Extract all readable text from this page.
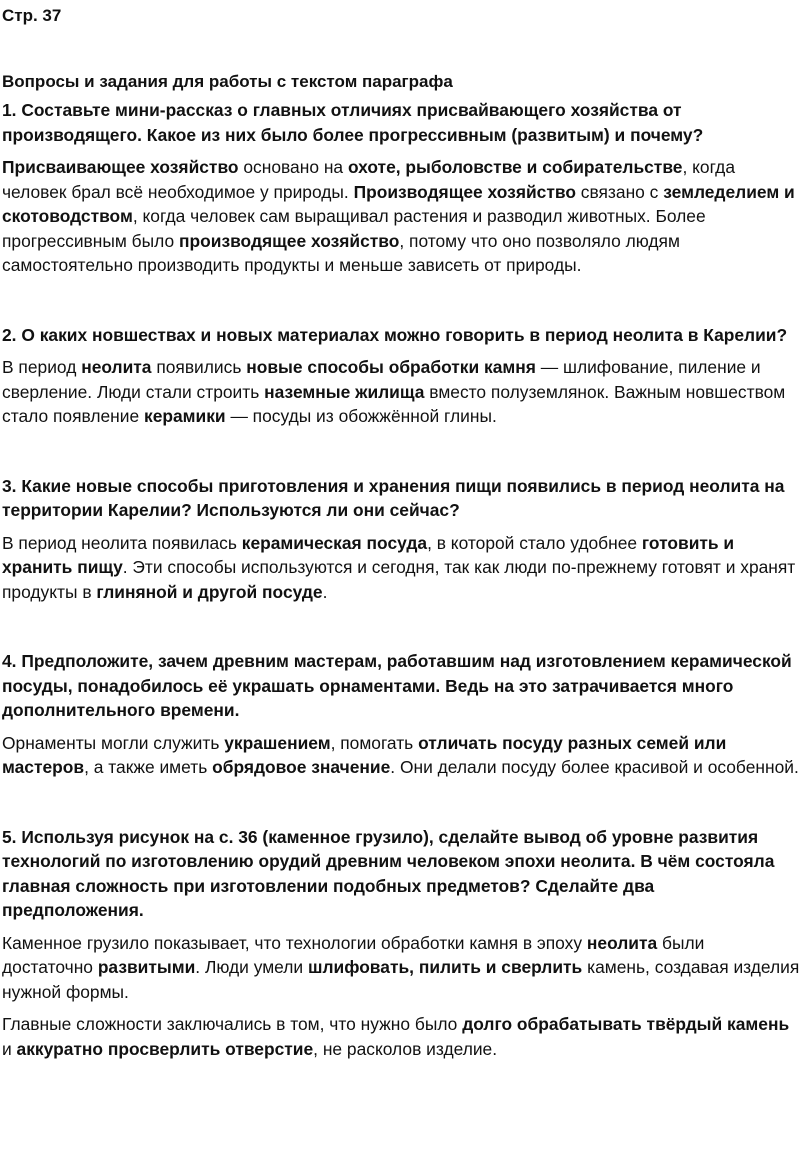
Стр. 37

Вопросы и задания для работы с текстом параграфа

1. Составьте мини-рассказ о главных отличиях присвайвающего хозяйства от производящего. Какое из них было более прогрессивным (развитым) и почему?

Присваивающее хозяйство основано на охоте, рыболовстве и собирательстве, когда человек брал всё необходимое у природы. Производящее хозяйство связано с земледелием и скотоводством, когда человек сам выращивал растения и разводил животных. Более прогрессивным было производящее хозяйство, потому что оно позволяло людям самостоятельно производить продукты и меньше зависеть от природы.

2. О каких новшествах и новых материалах можно говорить в период неолита в Карелии?

В период неолита появились новые способы обработки камня — шлифование, пиление и сверление. Люди стали строить наземные жилища вместо полуземлянок. Важным новшеством стало появление керамики — посуды из обожжённой глины.

3. Какие новые способы приготовления и хранения пищи появились в период неолита на территории Карелии? Используются ли они сейчас?

В период неолита появилась керамическая посуда, в которой стало удобнее готовить и хранить пищу. Эти способы используются и сегодня, так как люди по-прежнему готовят и хранят продукты в глиняной и другой посуде.

4. Предположите, зачем древним мастерам, работавшим над изготовлением керамической посуды, понадобилось её украшать орнаментами. Ведь на это затрачивается много дополнительного времени.

Орнаменты могли служить украшением, помогать отличать посуду разных семей или мастеров, а также иметь обрядовое значение. Они делали посуду более красивой и особенной.

5. Используя рисунок на с. 36 (каменное грузило), сделайте вывод об уровне развития технологий по изготовлению орудий древним человеком эпохи неолита. В чём состояла главная сложность при изготовлении подобных предметов? Сделайте два предположения.

Каменное грузило показывает, что технологии обработки камня в эпоху неолита были достаточно развитыми. Люди умели шлифовать, пилить и сверлить камень, создавая изделия нужной формы.

Главные сложности заключались в том, что нужно было долго обрабатывать твёрдый камень и аккуратно просверлить отверстие, не расколов изделие.
